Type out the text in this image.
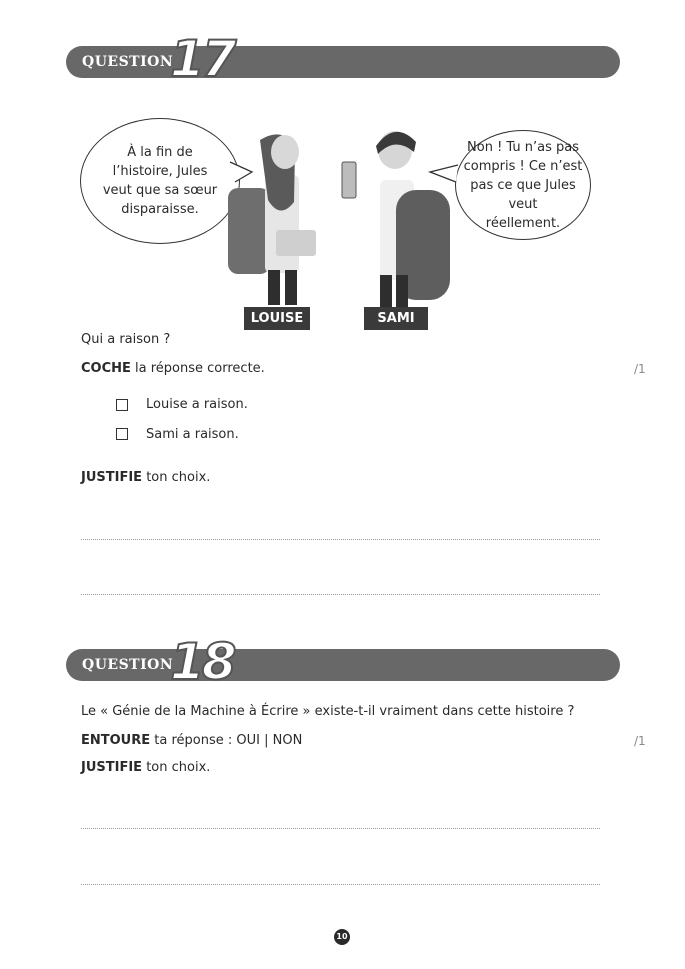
QUESTION
17
À la fin de
l’histoire, Jules
veut que sa sœur
disparaisse.
Non ! Tu n’as pas
compris ! Ce n’est
pas ce que Jules veut
réellement.
LOUISE	SAMI
Qui a raison ?
COCHE la réponse correcte.	/1
Louise a raison.
Sami a raison.
JUSTIFIE ton choix.
QUESTION
18
Le « Génie de la Machine à Écrire » existe-t-il vraiment dans cette histoire ?
ENTOURE ta réponse : OUI | NON	/1
JUSTIFIE ton choix.
10
